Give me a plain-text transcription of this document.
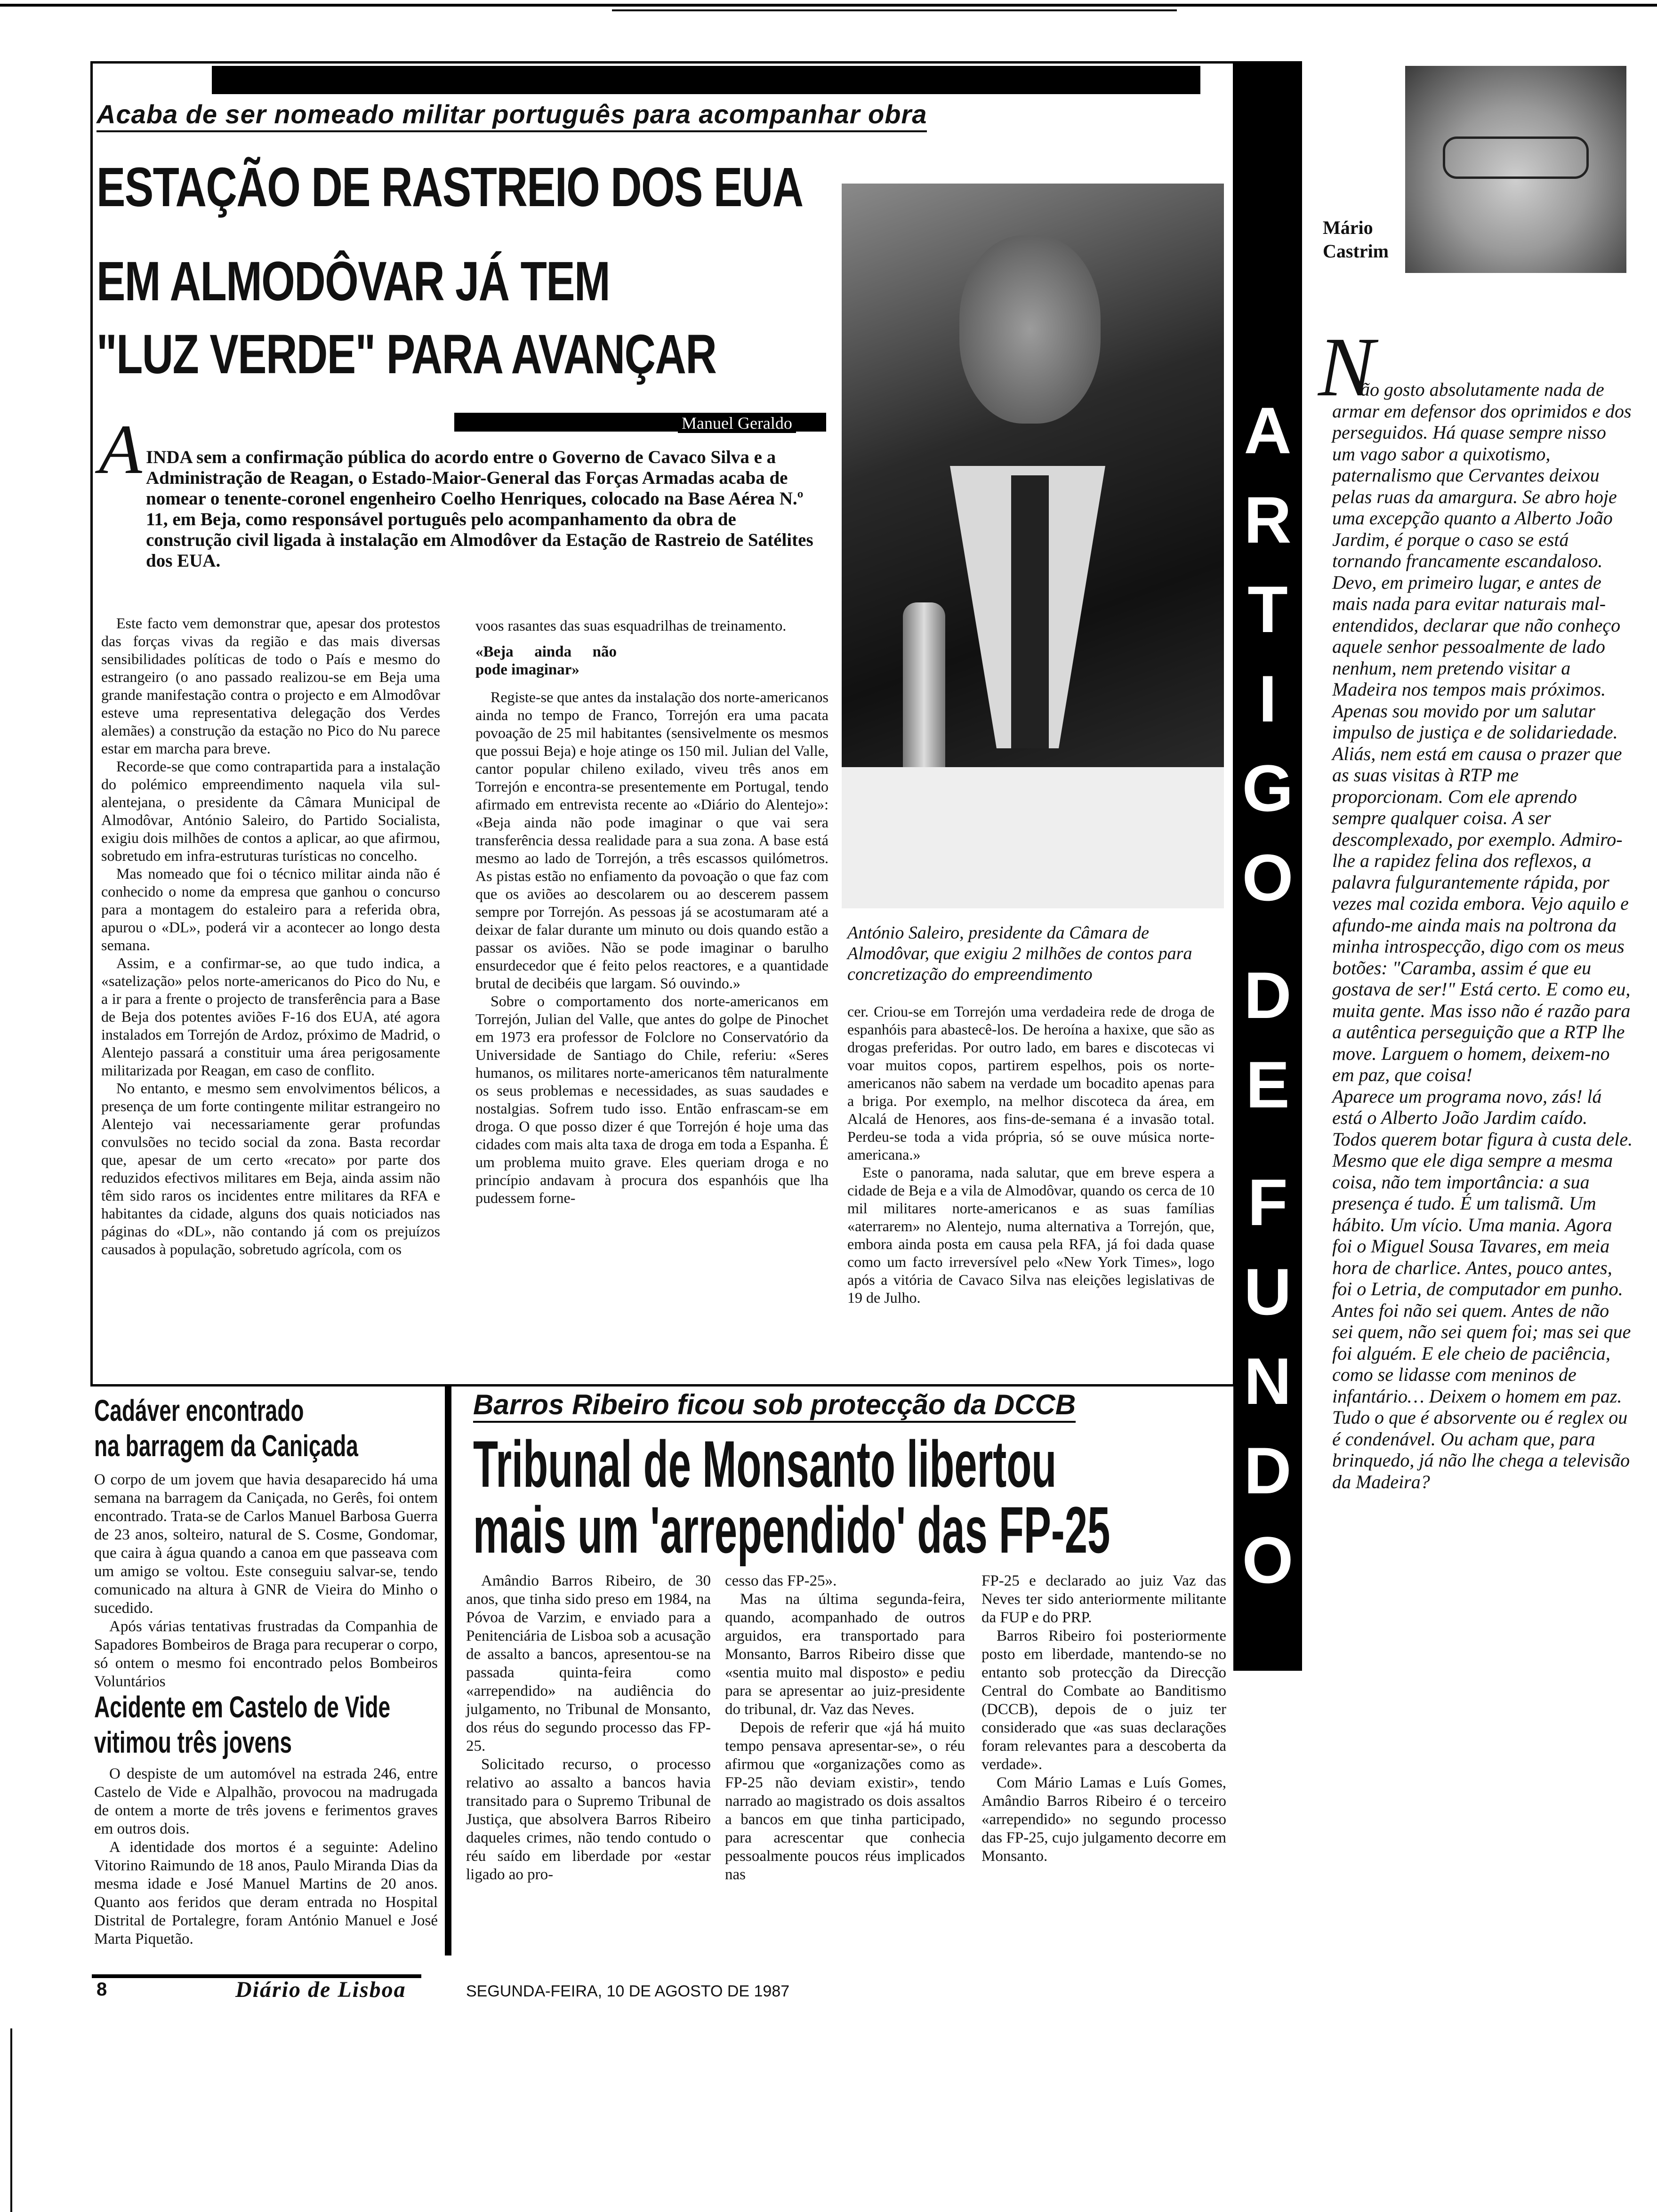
Acaba de ser nomeado militar português para acompanhar obra
ESTAÇÃO DE RASTREIO DOS EUA
EM ALMODÔVAR JÁ TEM
"LUZ VERDE" PARA AVANÇAR
Manuel Geraldo
A INDA sem a confirmação pública do acordo entre o Governo de Cavaco Silva e a Administração de Reagan, o Estado-Maior-General das Forças Armadas acaba de nomear o tenente-coronel engenheiro Coelho Henriques, colocado na Base Aérea N.º 11, em Beja, como responsável português pelo acompanhamento da obra de construção civil ligada à instalação em Almodôver da Estação de Rastreio de Satélites dos EUA.
António Saleiro, presidente da Câmara de Almodôvar, que exigiu 2 milhões de contos para concretização do empreendimento

Este facto vem demonstrar que, apesar dos protestos das forças vivas da região e das mais diversas sensibilidades políticas de todo o País e mesmo do estrangeiro (o ano passado realizou-se em Beja uma grande manifestação contra o projecto e em Almodôvar esteve uma representativa delegação dos Verdes alemães) a construção da estação no Pico do Nu parece estar em marcha para breve.

Recorde-se que como contrapartida para a instalação do polémico empreendimento naquela vila sul-alentejana, o presidente da Câmara Municipal de Almodôvar, António Saleiro, do Partido Socialista, exigiu dois milhões de contos a aplicar, ao que afirmou, sobretudo em infra-estruturas turísticas no concelho.

Mas nomeado que foi o técnico militar ainda não é conhecido o nome da empresa que ganhou o concurso para a montagem do estaleiro para a referida obra, apurou o «DL», poderá vir a acontecer ao longo desta semana.

Assim, e a confirmar-se, ao que tudo indica, a «satelização» pelos norte-americanos do Pico do Nu, e a ir para a frente o projecto de transferência para a Base de Beja dos potentes aviões F-16 dos EUA, até agora instalados em Torrejón de Ardoz, próximo de Madrid, o Alentejo passará a constituir uma área perigosamente militarizada por Reagan, em caso de conflito.

No entanto, e mesmo sem envolvimentos bélicos, a presença de um forte contingente militar estrangeiro no Alentejo vai necessariamente gerar profundas convulsões no tecido social da zona. Basta recordar que, apesar de um certo «recato» por parte dos reduzidos efectivos militares em Beja, ainda assim não têm sido raros os incidentes entre militares da RFA e habitantes da cidade, alguns dos quais noticiados nas páginas do «DL», não contando já com os prejuízos causados à população, sobretudo agrícola, com os

voos rasantes das suas esquadrilhas de treinamento.

«Beja ainda não pode imaginar»

Registe-se que antes da instalação dos norte-americanos ainda no tempo de Franco, Torrejón era uma pacata povoação de 25 mil habitantes (sensivelmente os mesmos que possui Beja) e hoje atinge os 150 mil. Julian del Valle, cantor popular chileno exilado, viveu três anos em Torrejón e encontra-se presentemente em Portugal, tendo afirmado em entrevista recente ao «Diário do Alentejo»: «Beja ainda não pode imaginar o que vai sera transferência dessa realidade para a sua zona. A base está mesmo ao lado de Torrejón, a três escassos quilómetros. As pistas estão no enfiamento da povoação o que faz com que os aviões ao descolarem ou ao descerem passem sempre por Torrejón. As pessoas já se acostumaram até a deixar de falar durante um minuto ou dois quando estão a passar os aviões. Não se pode imaginar o barulho ensurdecedor que é feito pelos reactores, e a quantidade brutal de decibéis que largam. Só ouvindo.»

Sobre o comportamento dos norte-americanos em Torrejón, Julian del Valle, que antes do golpe de Pinochet em 1973 era professor de Folclore no Conservatório da Universidade de Santiago do Chile, referiu: «Seres humanos, os militares norte-americanos têm naturalmente os seus problemas e necessidades, as suas saudades e nostalgias. Sofrem tudo isso. Então enfrascam-se em droga. O que posso dizer é que Torrejón é hoje uma das cidades com mais alta taxa de droga em toda a Espanha. É um problema muito grave. Eles queriam droga e no princípio andavam à procura dos espanhóis que lha pudessem forne-

cer. Criou-se em Torrejón uma verdadeira rede de droga de espanhóis para abastecê-los. De heroína a haxixe, que são as drogas preferidas. Por outro lado, em bares e discotecas vi voar muitos copos, partirem espelhos, pois os norte-americanos não sabem na verdade um bocadito apenas para a briga. Por exemplo, na melhor discoteca da área, em Alcalá de Henores, aos fins-de-semana é a invasão total. Perdeu-se toda a vida própria, só se ouve música norte-americana.»

Este o panorama, nada salutar, que em breve espera a cidade de Beja e a vila de Almodôvar, quando os cerca de 10 mil militares norte-americanos e as suas famílias «aterrarem» no Alentejo, numa alternativa a Torrejón, que, embora ainda posta em causa pela RFA, já foi dada quase como um facto irreversível pelo «New York Times», logo após a vitória de Cavaco Silva nas eleições legislativas de 19 de Julho.

Cadáver encontrado
na barragem da Caniçada

O corpo de um jovem que havia desaparecido há uma semana na barragem da Caniçada, no Gerês, foi ontem encontrado. Trata-se de Carlos Manuel Barbosa Guerra de 23 anos, solteiro, natural de S. Cosme, Gondomar, que caira à água quando a canoa em que passeava com um amigo se voltou. Este conseguiu salvar-se, tendo comunicado na altura à GNR de Vieira do Minho o sucedido.

Após várias tentativas frustradas da Companhia de Sapadores Bombeiros de Braga para recuperar o corpo, só ontem o mesmo foi encontrado pelos Bombeiros Voluntários

Acidente em Castelo de Vide
vitimou três jovens

O despiste de um automóvel na estrada 246, entre Castelo de Vide e Alpalhão, provocou na madrugada de ontem a morte de três jovens e ferimentos graves em outros dois.

A identidade dos mortos é a seguinte: Adelino Vitorino Raimundo de 18 anos, Paulo Miranda Dias da mesma idade e José Manuel Martins de 20 anos. Quanto aos feridos que deram entrada no Hospital Distrital de Portalegre, foram António Manuel e José Marta Piquetão.

Barros Ribeiro ficou sob protecção da DCCB
Tribunal de Monsanto libertou
mais um 'arrependido' das FP-25

Amândio Barros Ribeiro, de 30 anos, que tinha sido preso em 1984, na Póvoa de Varzim, e enviado para a Penitenciária de Lisboa sob a acusação de assalto a bancos, apresentou-se na passada quinta-feira como «arrependido» na audiência do julgamento, no Tribunal de Monsanto, dos réus do segundo processo das FP-25.

Solicitado recurso, o processo relativo ao assalto a bancos havia transitado para o Supremo Tribunal de Justiça, que absolvera Barros Ribeiro daqueles crimes, não tendo contudo o réu saído em liberdade por «estar ligado ao pro-

cesso das FP-25».

Mas na última segunda-feira, quando, acompanhado de outros arguidos, era transportado para Monsanto, Barros Ribeiro disse que «sentia muito mal disposto» e pediu para se apresentar ao juiz-presidente do tribunal, dr. Vaz das Neves.

Depois de referir que «já há muito tempo pensava apresentar-se», o réu afirmou que «organizações como as FP-25 não deviam existir», tendo narrado ao magistrado os dois assaltos a bancos em que tinha participado, para acrescentar que conhecia pessoalmente poucos réus implicados nas

FP-25 e declarado ao juiz Vaz das Neves ter sido anteriormente militante da FUP e do PRP.

Barros Ribeiro foi posteriormente posto em liberdade, mantendo-se no entanto sob protecção da Direcção Central do Combate ao Banditismo (DCCB), depois de o juiz ter considerado que «as suas declarações foram relevantes para a descoberta da verdade».

Com Mário Lamas e Luís Gomes, Amândio Barros Ribeiro é o terceiro «arrependido» no segundo processo das FP-25, cujo julgamento decorre em Monsanto.

8	Diário de Lisboa	SEGUNDA-FEIRA, 10 DE AGOSTO DE 1987
A
R
T
I
G
O
D
E
F
U
N
D
O
Mário
Castrim
N
ão gosto absolutamente nada de armar em defensor dos oprimidos e dos perseguidos. Há quase sempre nisso um vago sabor a quixotismo, paternalismo que Cervantes deixou pelas ruas da amargura. Se abro hoje uma excepção quanto a Alberto João Jardim, é porque o caso se está tornando francamente escandaloso.
Devo, em primeiro lugar, e antes de mais nada para evitar naturais mal-entendidos, declarar que não conheço aquele senhor pessoalmente de lado nenhum, nem pretendo visitar a Madeira nos tempos mais próximos. Apenas sou movido por um salutar impulso de justiça e de solidariedade. Aliás, nem está em causa o prazer que as suas visitas à RTP me proporcionam. Com ele aprendo sempre qualquer coisa. A ser descomplexado, por exemplo. Admiro-lhe a rapidez felina dos reflexos, a palavra fulgurantemente rápida, por vezes mal cozida embora. Vejo aquilo e afundo-me ainda mais na poltrona da minha introspecção, digo com os meus botões: "Caramba, assim é que eu gostava de ser!" Está certo. E como eu, muita gente. Mas isso não é razão para a autêntica perseguição que a RTP lhe move. Larguem o homem, deixem-no em paz, que coisa!
Aparece um programa novo, zás! lá está o Alberto João Jardim caído. Todos querem botar figura à custa dele. Mesmo que ele diga sempre a mesma coisa, não tem importância: a sua presença é tudo. É um talismã. Um hábito. Um vício. Uma mania. Agora foi o Miguel Sousa Tavares, em meia hora de charlice. Antes, pouco antes, foi o Letria, de computador em punho. Antes foi não sei quem. Antes de não sei quem, não sei quem foi; mas sei que foi alguém. E ele cheio de paciência, como se lidasse com meninos de infantário… Deixem o homem em paz. Tudo o que é absorvente ou é reglex ou é condenável. Ou acham que, para brinquedo, já não lhe chega a televisão da Madeira?
